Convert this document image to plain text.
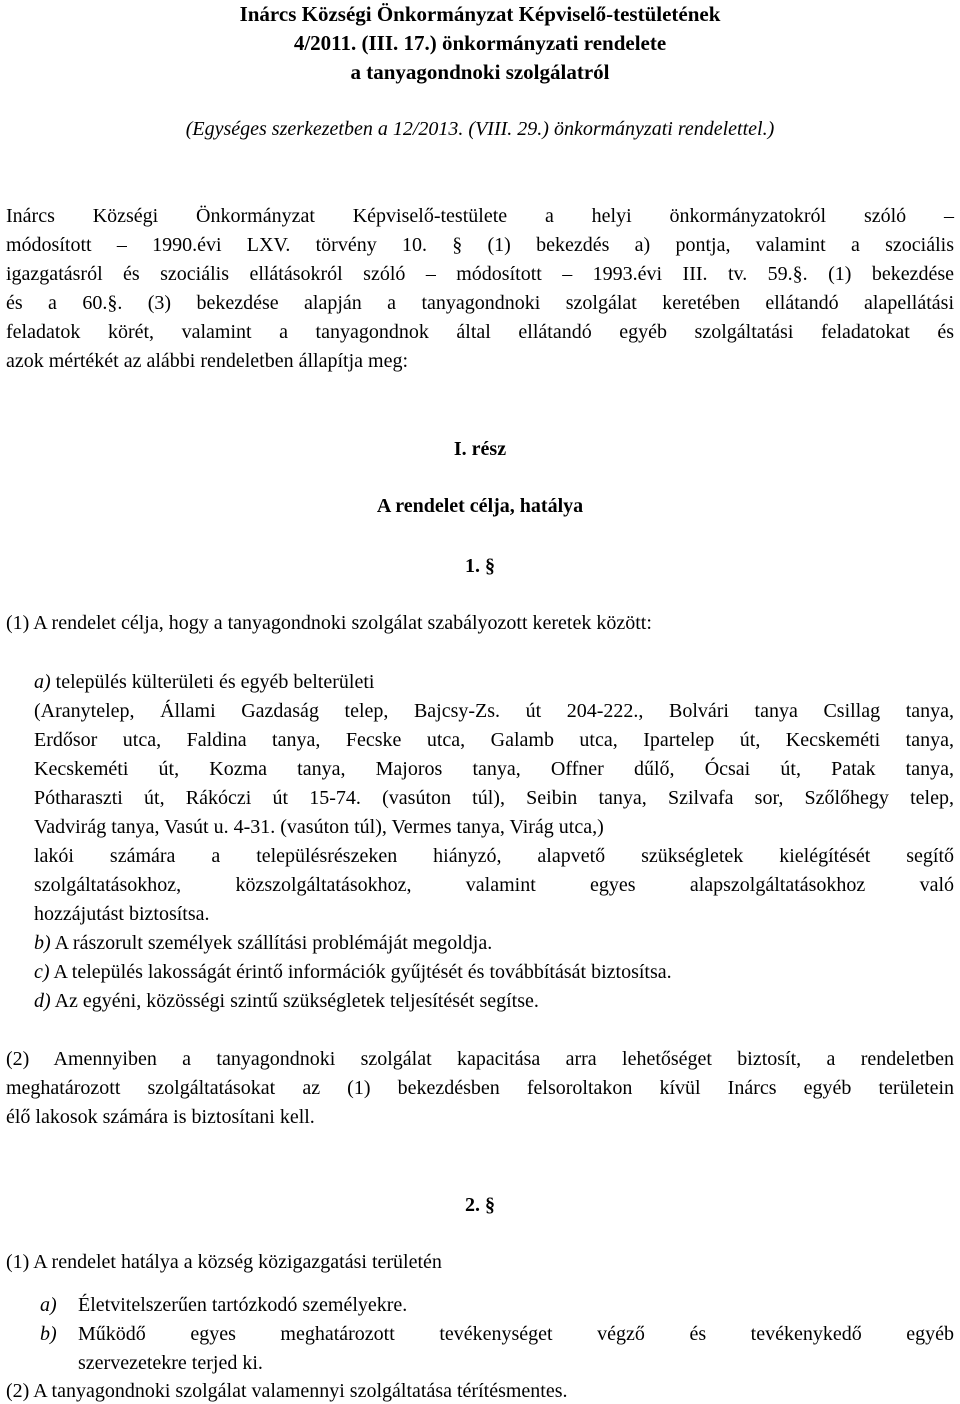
Inárcs Községi Önkormányzat Képviselő-testületének
4/2011. (III. 17.) önkormányzati rendelete
a tanyagondnoki szolgálatról
(Egységes szerkezetben a 12/2013. (VIII. 29.) önkormányzati rendelettel.)
Inárcs Községi Önkormányzat Képviselő-testülete a helyi önkormányzatokról szóló –
módosított – 1990.évi LXV. törvény 10. § (1) bekezdés a) pontja, valamint a szociális
igazgatásról és szociális ellátásokról szóló – módosított – 1993.évi III. tv. 59.§. (1) bekezdése
és a 60.§. (3) bekezdése alapján a tanyagondnoki szolgálat keretében ellátandó alapellátási
feladatok körét, valamint a tanyagondnok által ellátandó egyéb szolgáltatási feladatokat és
azok mértékét az alábbi rendeletben állapítja meg:
I. rész
A rendelet célja, hatálya
1. §
(1) A rendelet célja, hogy a tanyagondnoki szolgálat szabályozott keretek között:
a) település külterületi és egyéb belterületi
(Aranytelep, Állami Gazdaság telep, Bajcsy-Zs. út 204-222., Bolvári tanya Csillag tanya,
Erdősor utca, Faldina tanya, Fecske utca, Galamb utca, Ipartelep út, Kecskeméti tanya,
Kecskeméti út, Kozma tanya, Majoros tanya, Offner dűlő, Ócsai út, Patak tanya,
Pótharaszti út, Rákóczi út 15-74. (vasúton túl), Seibin tanya, Szilvafa sor, Szőlőhegy telep,
Vadvirág tanya, Vasút u. 4-31. (vasúton túl), Vermes tanya, Virág utca,)
lakói számára a településrészeken hiányzó, alapvető szükségletek kielégítését segítő
szolgáltatásokhoz, közszolgáltatásokhoz, valamint egyes alapszolgáltatásokhoz való
hozzájutást biztosítsa.
b) A rászorult személyek szállítási problémáját megoldja.
c) A település lakosságát érintő információk gyűjtését és továbbítását biztosítsa.
d) Az egyéni, közösségi szintű szükségletek teljesítését segítse.
(2) Amennyiben a tanyagondnoki szolgálat kapacitása arra lehetőséget biztosít, a rendeletben
meghatározott szolgáltatásokat az (1) bekezdésben felsoroltakon kívül Inárcs egyéb területein
élő lakosok számára is biztosítani kell.
2. §
(1) A rendelet hatálya a község közigazgatási területén
a)	Életvitelszerűen tartózkodó személyekre.
b)	Működő egyes meghatározott tevékenységet végző és tevékenykedő egyéb
szervezetekre terjed ki.
(2) A tanyagondnoki szolgálat valamennyi szolgáltatása térítésmentes.
